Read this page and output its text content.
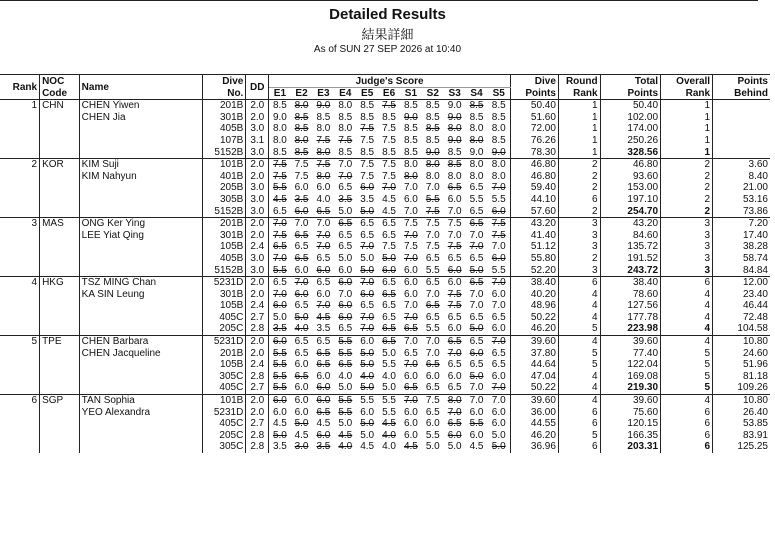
Detailed Results
結果詳細
As of SUN 27 SEP 2026 at 10:40
Rank	NOC	Name	Dive	DD	Judge's Score											Dive	Round	Total	Overall	Points
	Code		No.		E1	E2	E3	E4	E5	E6	S1	S2	S3	S4	S5	Points	Rank	Points	Rank	Behind
1	CHN	CHEN Yiwen	201B	2.0	8.5	8.0	9.0	8.0	8.5	7.5	8.5	8.5	9.0	8.5	8.5	50.40	1	50.40	1	
		CHEN Jia	301B	2.0	9.0	8.5	8.5	8.5	8.5	8.5	9.0	8.5	9.0	8.5	8.5	51.60	1	102.00	1	
			405B	3.0	8.0	8.5	8.0	8.0	7.5	7.5	8.5	8.5	8.0	8.0	8.0	72.00	1	174.00	1	
			107B	3.1	8.0	8.0	7.5	7.5	7.5	7.5	8.5	8.5	9.0	8.0	8.5	76.26	1	250.26	1	
			5152B	3.0	8.5	8.5	8.0	8.5	8.5	8.5	8.5	9.0	8.5	9.0	9.0	78.30	1	328.56	1	
2	KOR	KIM Suji	101B	2.0	7.5	7.5	7.5	7.0	7.5	7.5	8.0	8.0	8.5	8.0	8.0	46.80	2	46.80	2	3.60
		KIM Nahyun	401B	2.0	7.5	7.5	8.0	7.0	7.5	7.5	8.0	8.0	8.0	8.0	8.0	46.80	2	93.60	2	8.40
			205B	3.0	5.5	6.0	6.0	6.5	6.0	7.0	7.0	7.0	6.5	6.5	7.0	59.40	2	153.00	2	21.00
			305B	3.0	4.5	3.5	4.0	3.5	3.5	4.5	6.0	5.5	6.0	5.5	5.5	44.10	6	197.10	2	53.16
			5152B	3.0	6.5	6.0	6.5	5.0	5.0	4.5	7.0	7.5	7.0	6.5	6.0	57.60	2	254.70	2	73.86
3	MAS	ONG Ker Ying	201B	2.0	7.0	7.0	7.0	6.5	6.5	6.5	7.5	7.5	7.5	6.5	7.5	43.20	3	43.20	3	7.20
		LEE Yiat Qing	301B	2.0	7.5	6.5	7.0	6.5	6.5	6.5	7.0	7.0	7.0	7.0	7.5	41.40	3	84.60	3	17.40
			105B	2.4	6.5	6.5	7.0	6.5	7.0	7.5	7.5	7.5	7.5	7.0	7.0	51.12	3	135.72	3	38.28
			405B	3.0	7.0	6.5	6.5	5.0	5.0	5.0	7.0	6.5	6.5	6.5	6.0	55.80	2	191.52	3	58.74
			5152B	3.0	5.5	6.0	6.0	6.0	5.0	6.0	6.0	5.5	6.0	5.0	5.5	52.20	3	243.72	3	84.84
4	HKG	TSZ MING Chan	5231D	2.0	6.5	7.0	6.5	6.0	7.0	6.5	6.0	6.5	6.0	6.5	7.0	38.40	6	38.40	6	12.00
		KA SIN Leung	301B	2.0	7.0	6.0	6.0	7.0	6.0	6.5	6.0	7.0	7.5	7.0	6.0	40.20	4	78.60	4	23.40
			105B	2.4	6.0	6.5	7.0	6.0	6.5	6.5	7.0	6.5	7.5	7.0	7.0	48.96	4	127.56	4	46.44
			405C	2.7	5.0	5.0	4.5	6.0	7.0	6.5	7.0	6.5	6.5	6.5	6.5	50.22	4	177.78	4	72.48
			205C	2.8	3.5	4.0	3.5	6.5	7.0	6.5	6.5	5.5	6.0	5.0	6.0	46.20	5	223.98	4	104.58
5	TPE	CHEN Barbara	5231D	2.0	6.0	6.5	6.5	5.5	6.0	6.5	7.0	7.0	6.5	6.5	7.0	39.60	4	39.60	4	10.80
		CHEN Jacqueline	201B	2.0	5.5	6.5	6.5	5.5	5.0	5.0	6.5	7.0	7.0	6.0	6.5	37.80	5	77.40	5	24.60
			105B	2.4	5.5	6.0	6.5	6.5	5.0	5.5	7.0	6.5	6.5	6.5	6.5	44.64	5	122.04	5	51.96
			305C	2.8	5.5	6.5	6.0	4.0	4.0	4.0	6.0	6.0	6.0	5.0	6.0	47.04	4	169.08	5	81.18
			405C	2.7	5.5	6.0	6.0	5.0	5.0	5.0	6.5	6.5	6.5	7.0	7.0	50.22	4	219.30	5	109.26
6	SGP	TAN Sophia	101B	2.0	6.0	6.0	6.0	5.5	5.5	5.5	7.0	7.5	8.0	7.0	7.0	39.60	4	39.60	4	10.80
		YEO Alexandra	5231D	2.0	6.0	6.0	6.5	5.5	6.0	5.5	6.0	6.5	7.0	6.0	6.0	36.00	6	75.60	6	26.40
			405C	2.7	4.5	5.0	4.5	5.0	5.0	4.5	6.0	6.0	6.5	5.5	6.0	44.55	6	120.15	6	53.85
			205C	2.8	5.0	4.5	6.0	4.5	5.0	4.0	6.0	5.5	6.0	6.0	5.0	46.20	5	166.35	6	83.91
			305C	2.8	3.5	3.0	3.5	4.0	4.5	4.0	4.5	5.0	5.0	4.5	5.0	36.96	6	203.31	6	125.25
